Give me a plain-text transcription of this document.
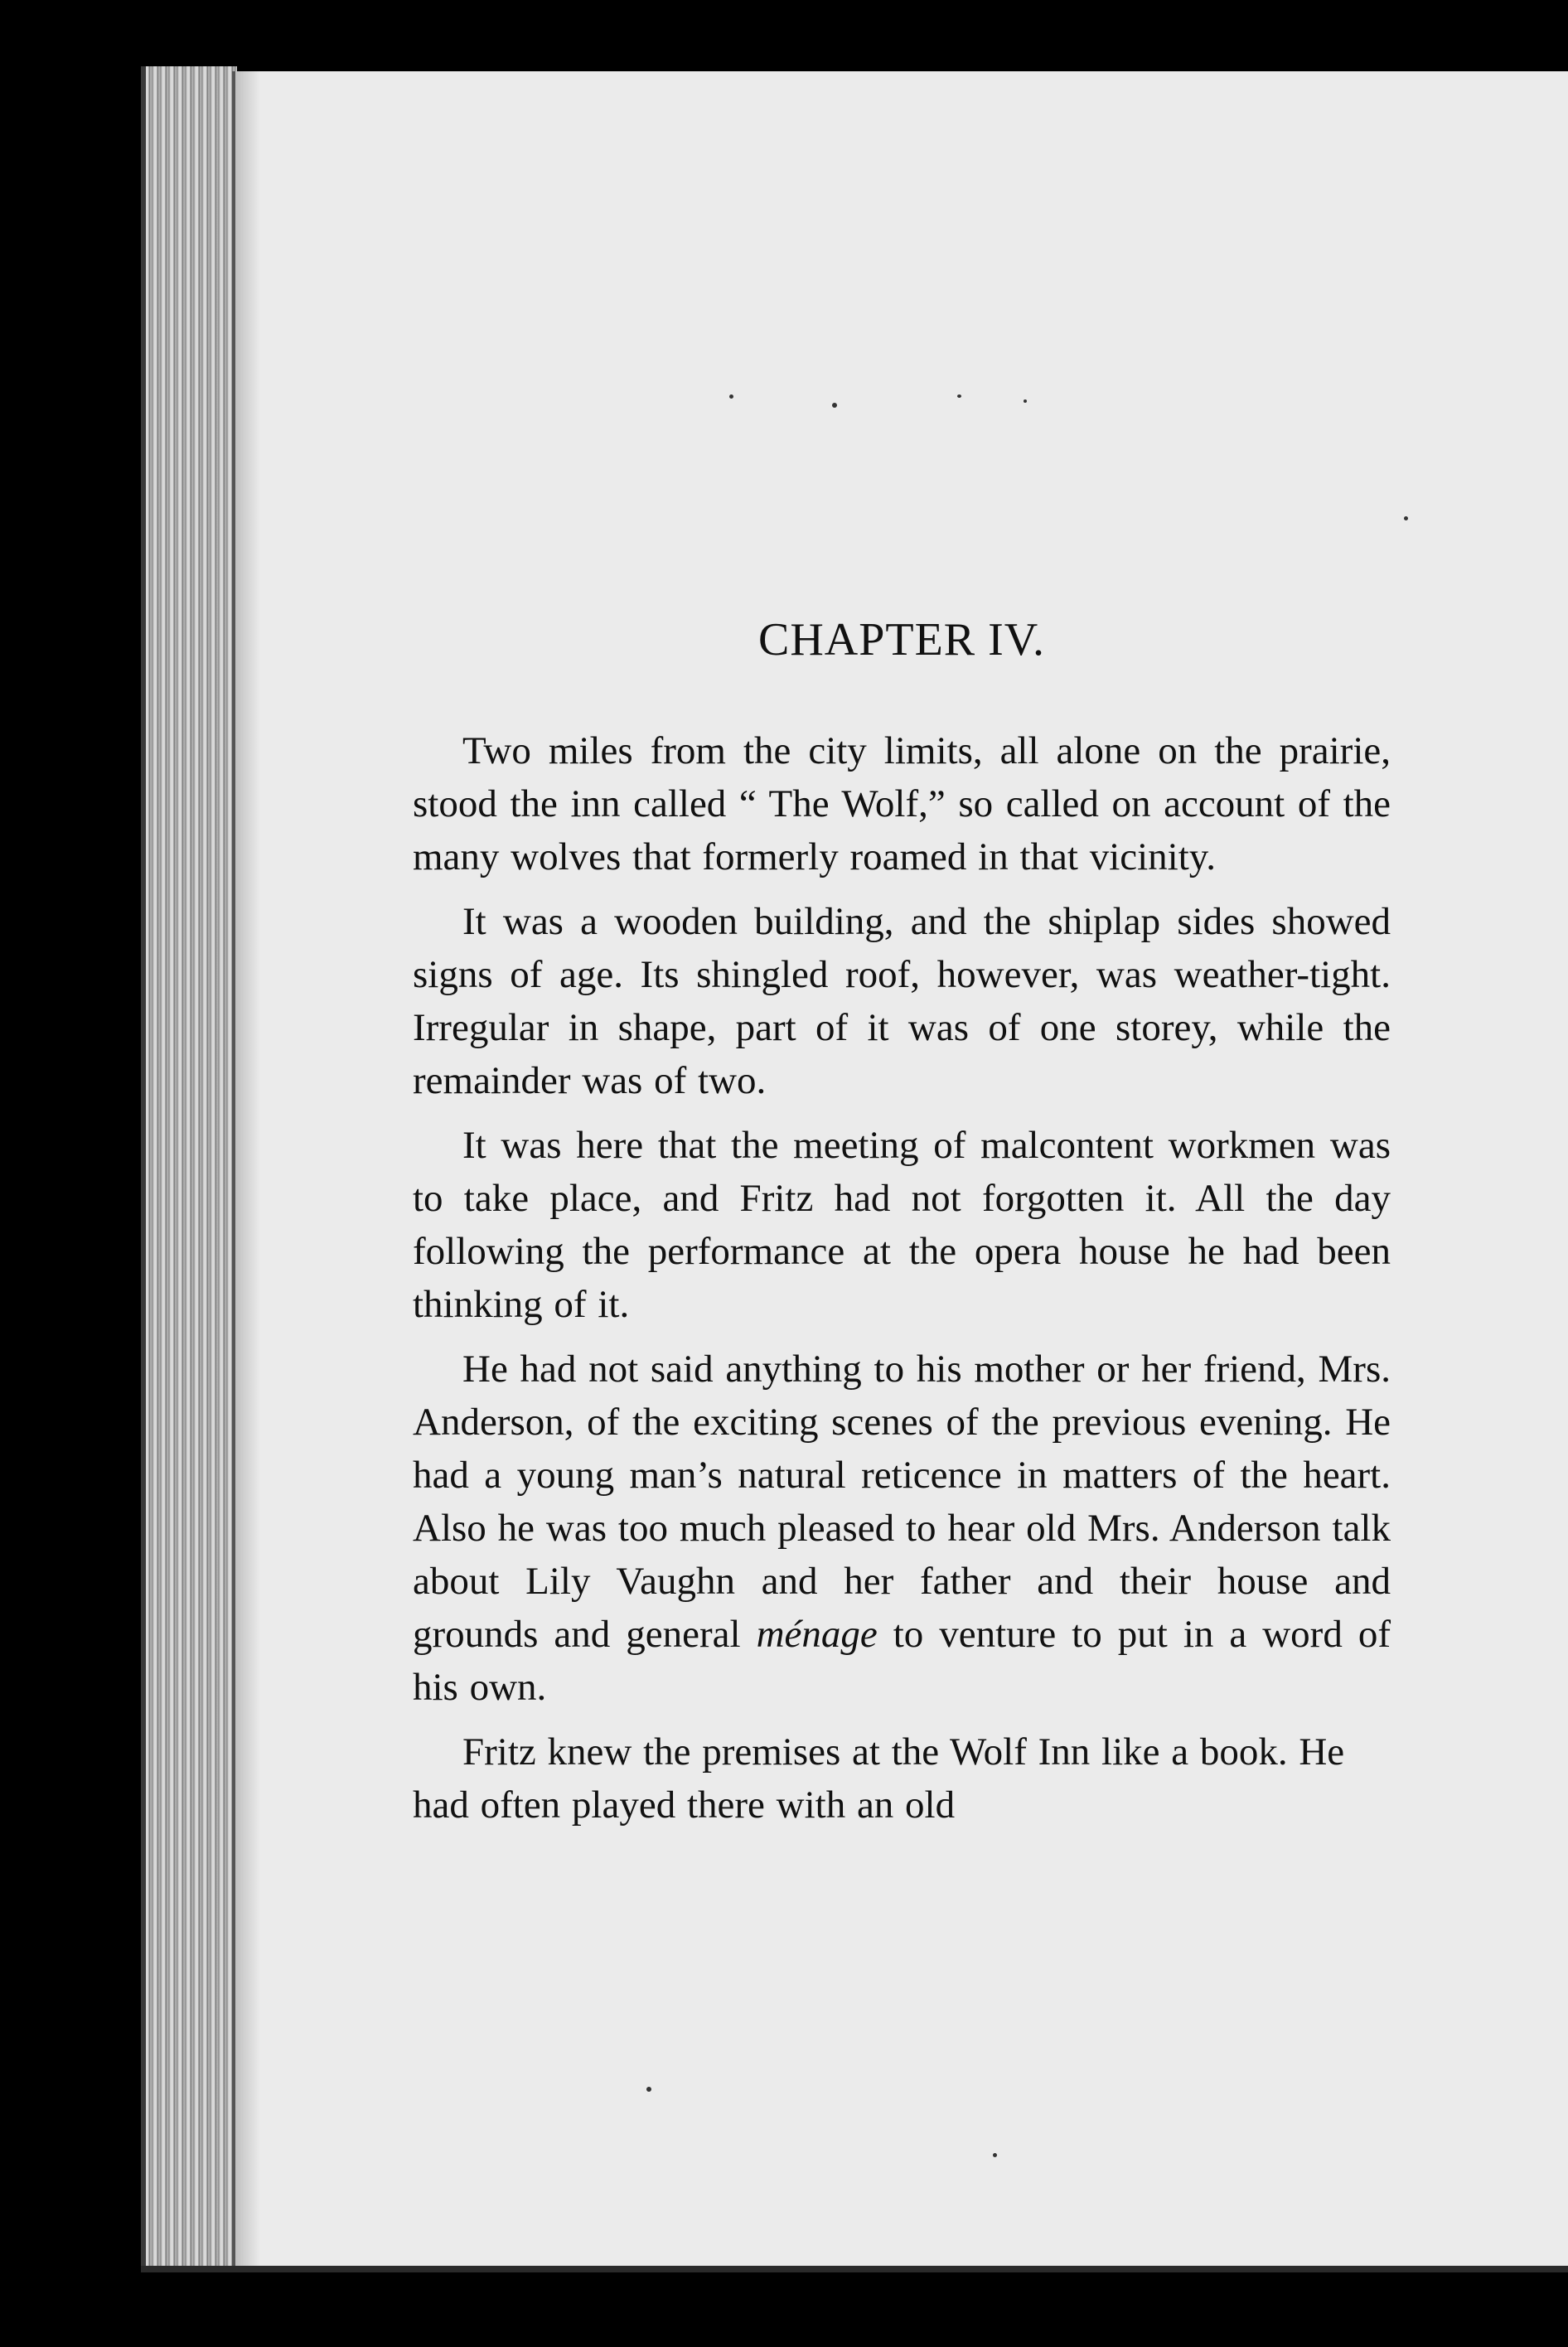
CHAPTER IV.

Two miles from the city limits, all alone on the prairie, stood the inn called “ The Wolf,” so called on account of the many wolves that formerly roamed in that vicinity.

It was a wooden building, and the shiplap sides showed signs of age. Its shingled roof, however, was weather-tight. Irregular in shape, part of it was of one storey, while the remainder was of two.

It was here that the meeting of malcontent workmen was to take place, and Fritz had not forgotten it. All the day following the performance at the opera house he had been thinking of it.

He had not said anything to his mother or her friend, Mrs. Anderson, of the exciting scenes of the previous evening. He had a young man’s natural reticence in matters of the heart. Also he was too much pleased to hear old Mrs. Anderson talk about Lily Vaughn and her father and their house and grounds and general ménage to venture to put in a word of his own.

Fritz knew the premises at the Wolf Inn like a book. He had often played there with an old
